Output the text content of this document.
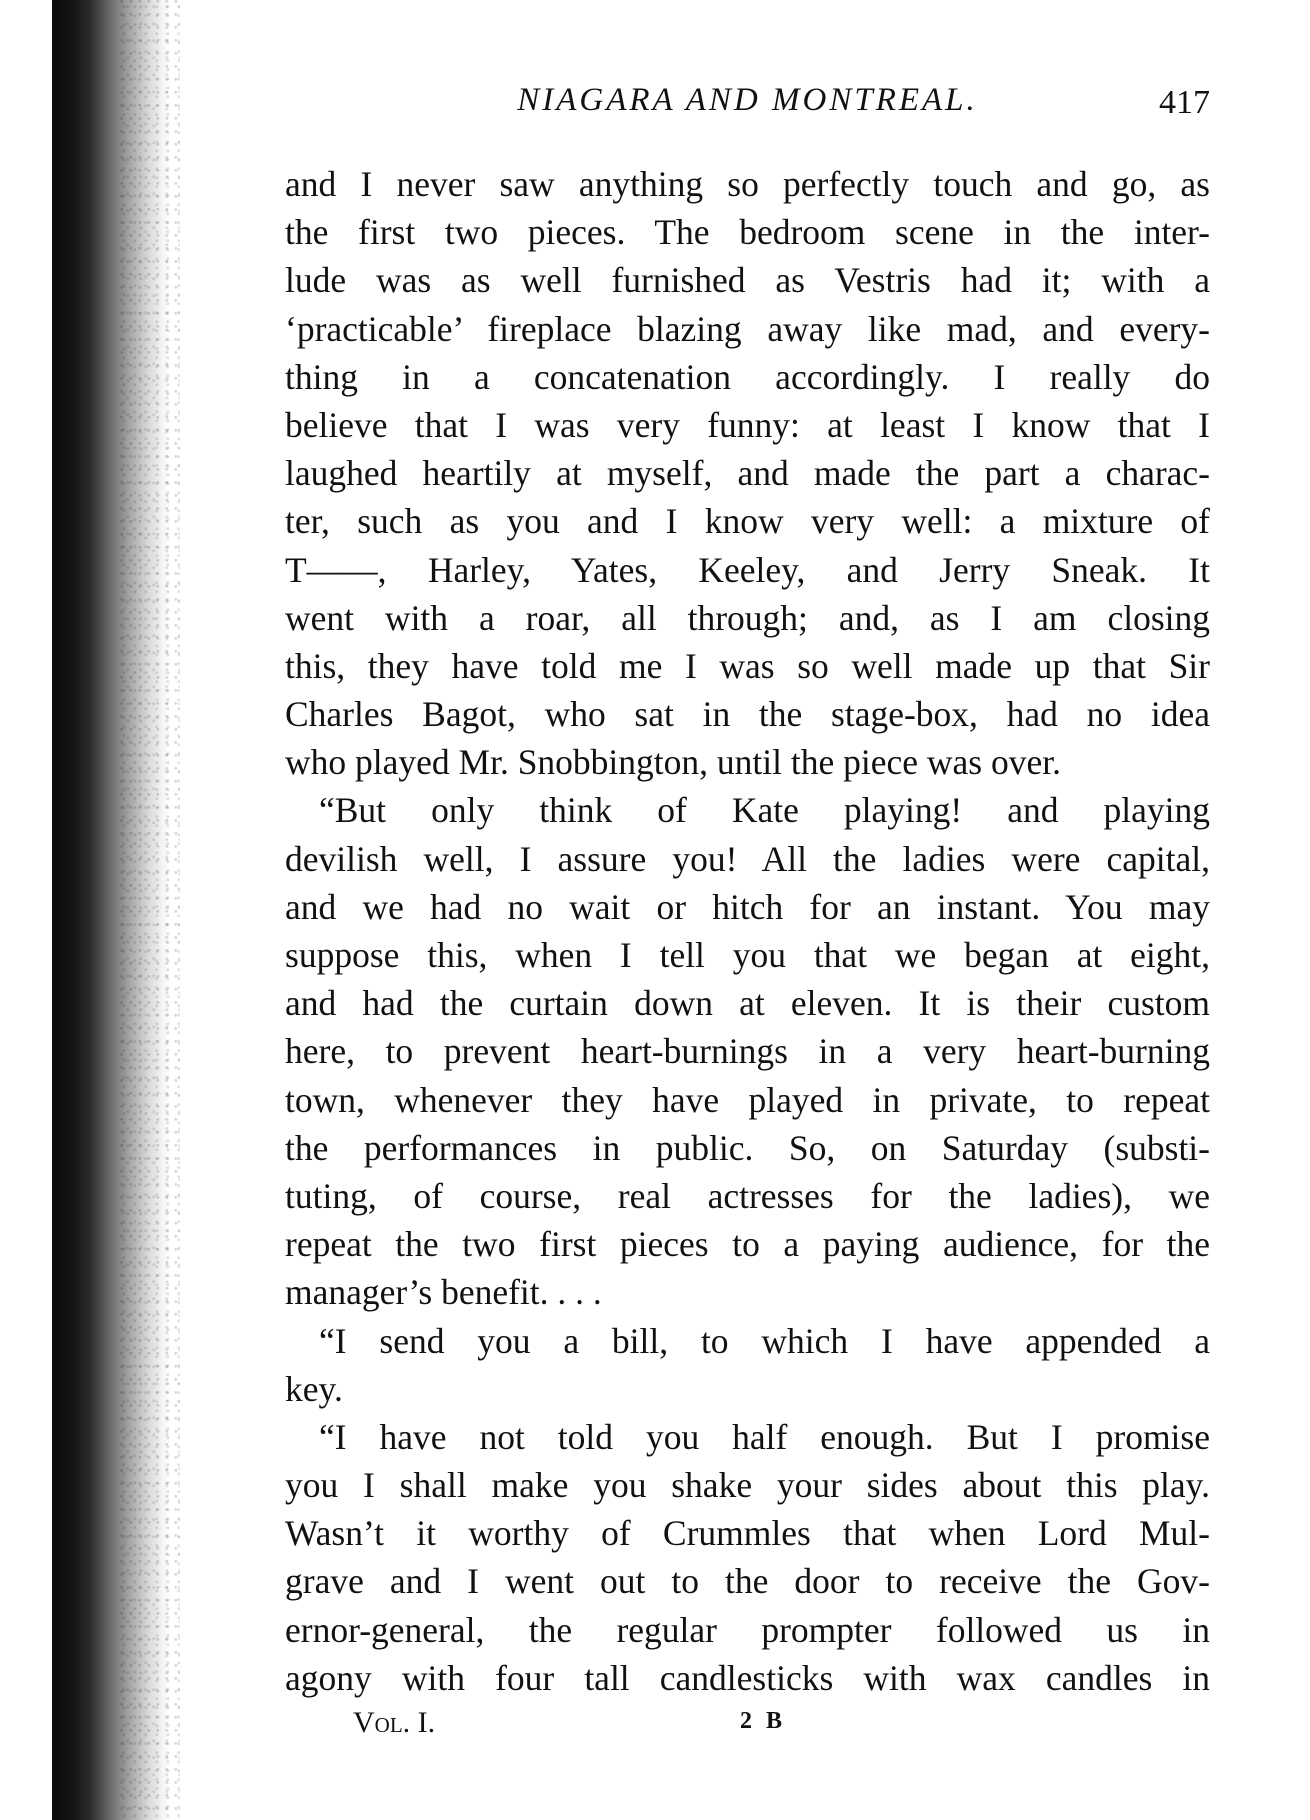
NIAGARA AND MONTREAL.	417
and I never saw anything so perfectly touch and go, as
the first two pieces. The bedroom scene in the inter-
lude was as well furnished as Vestris had it; with a
‘practicable’ fireplace blazing away like mad, and every-
thing in a concatenation accordingly. I really do
believe that I was very funny: at least I know that I
laughed heartily at myself, and made the part a charac-
ter, such as you and I know very well: a mixture of
T——, Harley, Yates, Keeley, and Jerry Sneak. It
went with a roar, all through; and, as I am closing
this, they have told me I was so well made up that Sir
Charles Bagot, who sat in the stage-box, had no idea
who played Mr. Snobbington, until the piece was over.
“But only think of Kate playing! and playing
devilish well, I assure you! All the ladies were capital,
and we had no wait or hitch for an instant. You may
suppose this, when I tell you that we began at eight,
and had the curtain down at eleven. It is their custom
here, to prevent heart-burnings in a very heart-burning
town, whenever they have played in private, to repeat
the performances in public. So, on Saturday (substi-
tuting, of course, real actresses for the ladies), we
repeat the two first pieces to a paying audience, for the
manager’s benefit. . . .
“I send you a bill, to which I have appended a
key.
“I have not told you half enough. But I promise
you I shall make you shake your sides about this play.
Wasn’t it worthy of Crummles that when Lord Mul-
grave and I went out to the door to receive the Gov-
ernor-general, the regular prompter followed us in
agony with four tall candlesticks with wax candles in
Vol. I.	2 B
